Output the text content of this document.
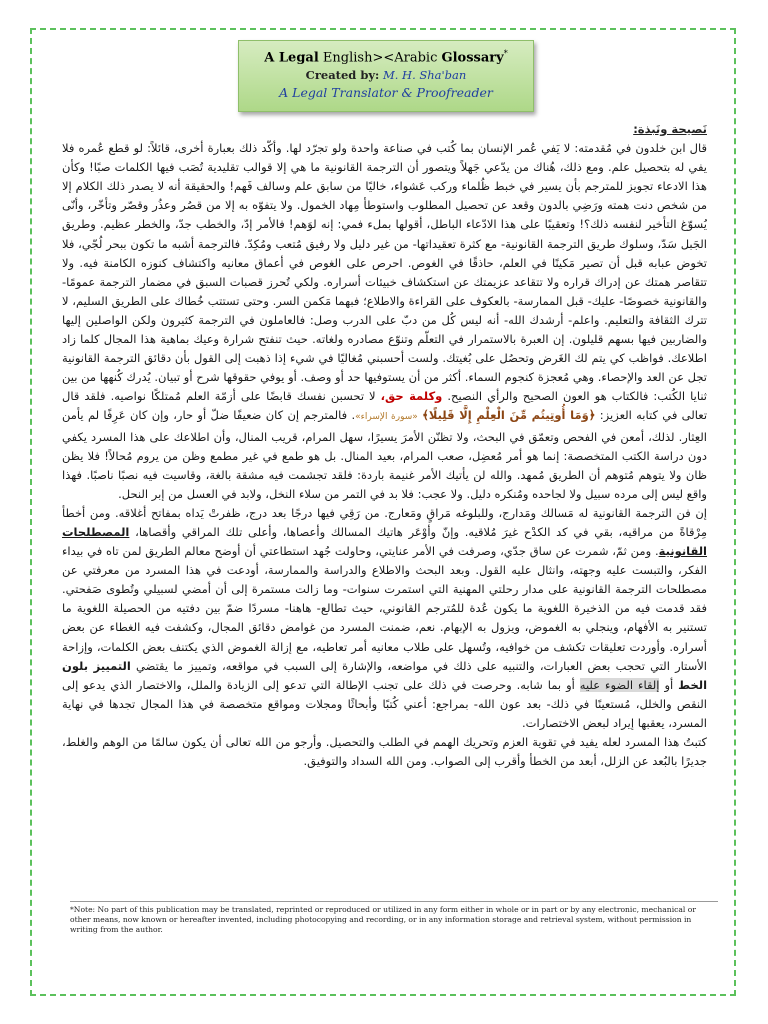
A Legal English><Arabic Glossary*
Created by: M. H. Sha'ban
A Legal Translator & Proofreader

نَصيحة ونَبذة:

قال ابن خلدون في مُقدمته: لا يَفي عُمر الإنسان بما كُتب في صناعة واحدة ولو تجرّد لها. وأكّد ذلك بعبارة أخرى، قائلاً: لو قطع عُمره فلا يفي له بتحصيل علم. ومع ذلك، هُناك من يدّعي جَهلاً ويتصور أن الترجمة القانونية ما هي إلا قوالب تقليدية تُصَب فيها الكلمات صبًا! وكأن هذا الادعاء تجويز للمترجم بأن يسير في خبط ظُلماء وركب عَشواء، خاليًا من سابق علم وسالف فَهم! والحقيقة أنه لا يصدر ذلك الكلام إلا من شخص دنت همته ورَضِي بالدون وقعد عن تحصيل المطلوب واستوطأ مِهاد الخمول. ولا يتفوّه به إلا من قصُر وعذُر وقصّر وتأخّر، وأنّى يُسوّغ التأخير لنفسه ذلك؟! وتعقيبًا على هذا الادّعاء الباطل، أقولها بملء فمي: إنه لوَهم! فالأمر إدّ، والخطب جدّ، والخطر عظيم. وطريق الجَبل سَدّ، وسلوك طريق الترجمة القانونية- مع كثرة تعقيداتها- من غير دليل ولا رفيق مُتعب ومُكِدّ. فالترجمة أشبه ما تكون ببحر لُجّي، فلا تخوض عبابه قبل أن تصير مَكينًا في العلم، حاذقًا في الغوص. احرص على الغوص في أعماق معانيه واكتشاف كنوزه الكامنة فيه. ولا تتقاصر همتك عن إدراك قراره ولا تتقاعد عزيمتك عن استكشاف خبيئات أسراره. ولكي تُحرز قصبات السبق في مضمار الترجمة عمومًا- والقانونية خصوصًا- عليك- قبل الممارسة- بالعكوف على القراءة والاطلاع؛ فبهما مَكمن السر. وحتى تستتب خُطاك على الطريق السليم، لا تترك الثقافة والتعليم. واعلم- أرشدك الله- أنه ليس كُل من دبّ على الدرب وصل: فالعاملون في الترجمة كثيرون ولكن الواصلين إليها والضاربين فيها بسهم قليلون. إن العبرة بالاستمرار في التعلّم وتنوّع مصادره ولغاته. حيث تنفتح شرارة وعيك بماهية هذا المجال كلما زاد اطلاعك. فواظب كي يتم لك الغَرض وتحصُل على بُغيتك. ولست أحسبني مُغاليًا في شيء إذا ذهبت إلى القول بأن دقائق الترجمة القانونية تجل عن العد والإحصاء. وهي مُعجزة كنجوم السماء. أكثر من أن يستوفيها حد أو وصف. أو يوفي حقوقها شرح أو تبيان. يُدرك كُنهها من بين ثنايا الكُتب: فالكتاب هو العون الصحيح والرأي النصيح. وكلمة حق، لا تحسبن نفسك قابضًا على أزمّة العلم مُمتلكًا نواصيه. فلقد قال تعالى في كتابه العزيز: ﴿وَمَا أُوتِيتُم مِّنَ الْعِلْمِ إِلَّا قَلِيلًا﴾ «سورة الإسراء». فالمترجم إن كان ضعيفًا ضلّ أو حار، وإن كان عَرِفًا لم يأمن العِثار. لذلك، أمعن في الفحص وتعمّق في البحث، ولا تظنّن الأمرَ يسيرًا، سهل المرام، قريب المنال، وأن اطلاعك على هذا المسرد يكفي دون دراسة الكتب المتخصصة: إنما هو أمر مُعضِل، صعب المرام، بعيد المنال. بل هو طمع في غير مطمع وظن من يروم مُحالاً! فلا يظن ظان ولا يتوهم مُتوهم أن الطريق مُمهد. والله لن يأتيك الأمر غنيمة باردة: فلقد تجشمت فيه مشقة بالغة، وقاسيت فيه نصبًا ناصبًا. فهذا واقع ليس إلى مرده سبيل ولا لجاحده ومُنكره دليل. ولا عجب: فلا بد في التمر من سلاء النخل، ولابد في العسل من إبر النحل.

إن فن الترجمة القانونية له مَسالك ومَدارج، وللبلوغه مَراقٍ ومَعارج. من رَقِي فيها درجًا بعد درج، ظفرتْ يَداه بمفاتح أغلاقه. ومن أخطأ مِرْقاةً من مراقيه، بقي في كد الكدْح غيرَ مُلاقيه. وإنّ وأوْعَر هاتيك المسالك وأعصاها، وأعلى تلك المراقي وأقصاها، المصطلحات القانونية. ومن ثمّ، شمرت عن ساق جدّي، وصرفت في الأمر عنايتي، وحاولت جُهد استطاعتي أن أوضح معالم الطريق لمن تاه في بيداء الفكر، والتبست عليه وجهته، وانثال عليه القول. وبعد البحث والاطلاع والدراسة والممارسة، أودعت في هذا المسرد من معرفتي عن مصطلحات الترجمة القانونية على مدار رحلتي المهنية التي استمرت سنوات- وما زالت مستمرة إلى أن أمضي لسبيلي وتُطوى صَفحتي. فقد قدمت فيه من الذخيرة اللغوية ما يكون عُدة للمُترجم القانوني، حيث تطالع- هاهنا- مسردًا ضمّ بين دفتيه من الحصيلة اللغوية ما تستنير به الأفهام، وينجلي به الغموض، ويزول به الإبهام. نعم، ضمنت المسرد من غوامض دقائق المجال، وكشفت فيه الغطاء عن بعض أسراره. وأوردت تعليقات تكشف من خوافيه، وتُسهل على طلاب معانيه أمر تعاطيه، مع إزالة الغموض الذي يكتنف بعض الكلمات، وإزاحة الأستار التي تحجب بعض العبارات، والتنبيه على ذلك في مواضعه، والإشارة إلى السبب في مواقعه، وتمييز ما يقتضي التمييز بلون الخط أو إلقاء الضوء عليه أو بما شابه. وحرصت في ذلك على تجنب الإطالة التي تدعو إلى الزيادة والملل، والاختصار الذي يدعو إلى النقص والخلل، مُستعينًا في ذلك- بعد عون الله- بمراجع: أعني كُتبًا وأبحاثًا ومجلات ومواقع متخصصة في هذا المجال تجدها في نهاية المسرد، يعقبها إيراد لبعض الاختصارات.

كتبتُ هذا المسرد لعله يفيد في تقوية العزم وتحريك الهمم في الطلب والتحصيل. وأرجو من الله تعالى أن يكون سالمًا من الوهم والغلط، جديرًا بالبُعد عن الزلل، أبعد من الخطأ وأقرب إلى الصواب. ومن الله السداد والتوفيق.

*Note: No part of this publication may be translated, reprinted or reproduced or utilized in any form either in whole or in part or by any electronic, mechanical or other means, now known or hereafter invented, including photocopying and recording, or in any information storage and retrieval system, without permission in writing from the author.
